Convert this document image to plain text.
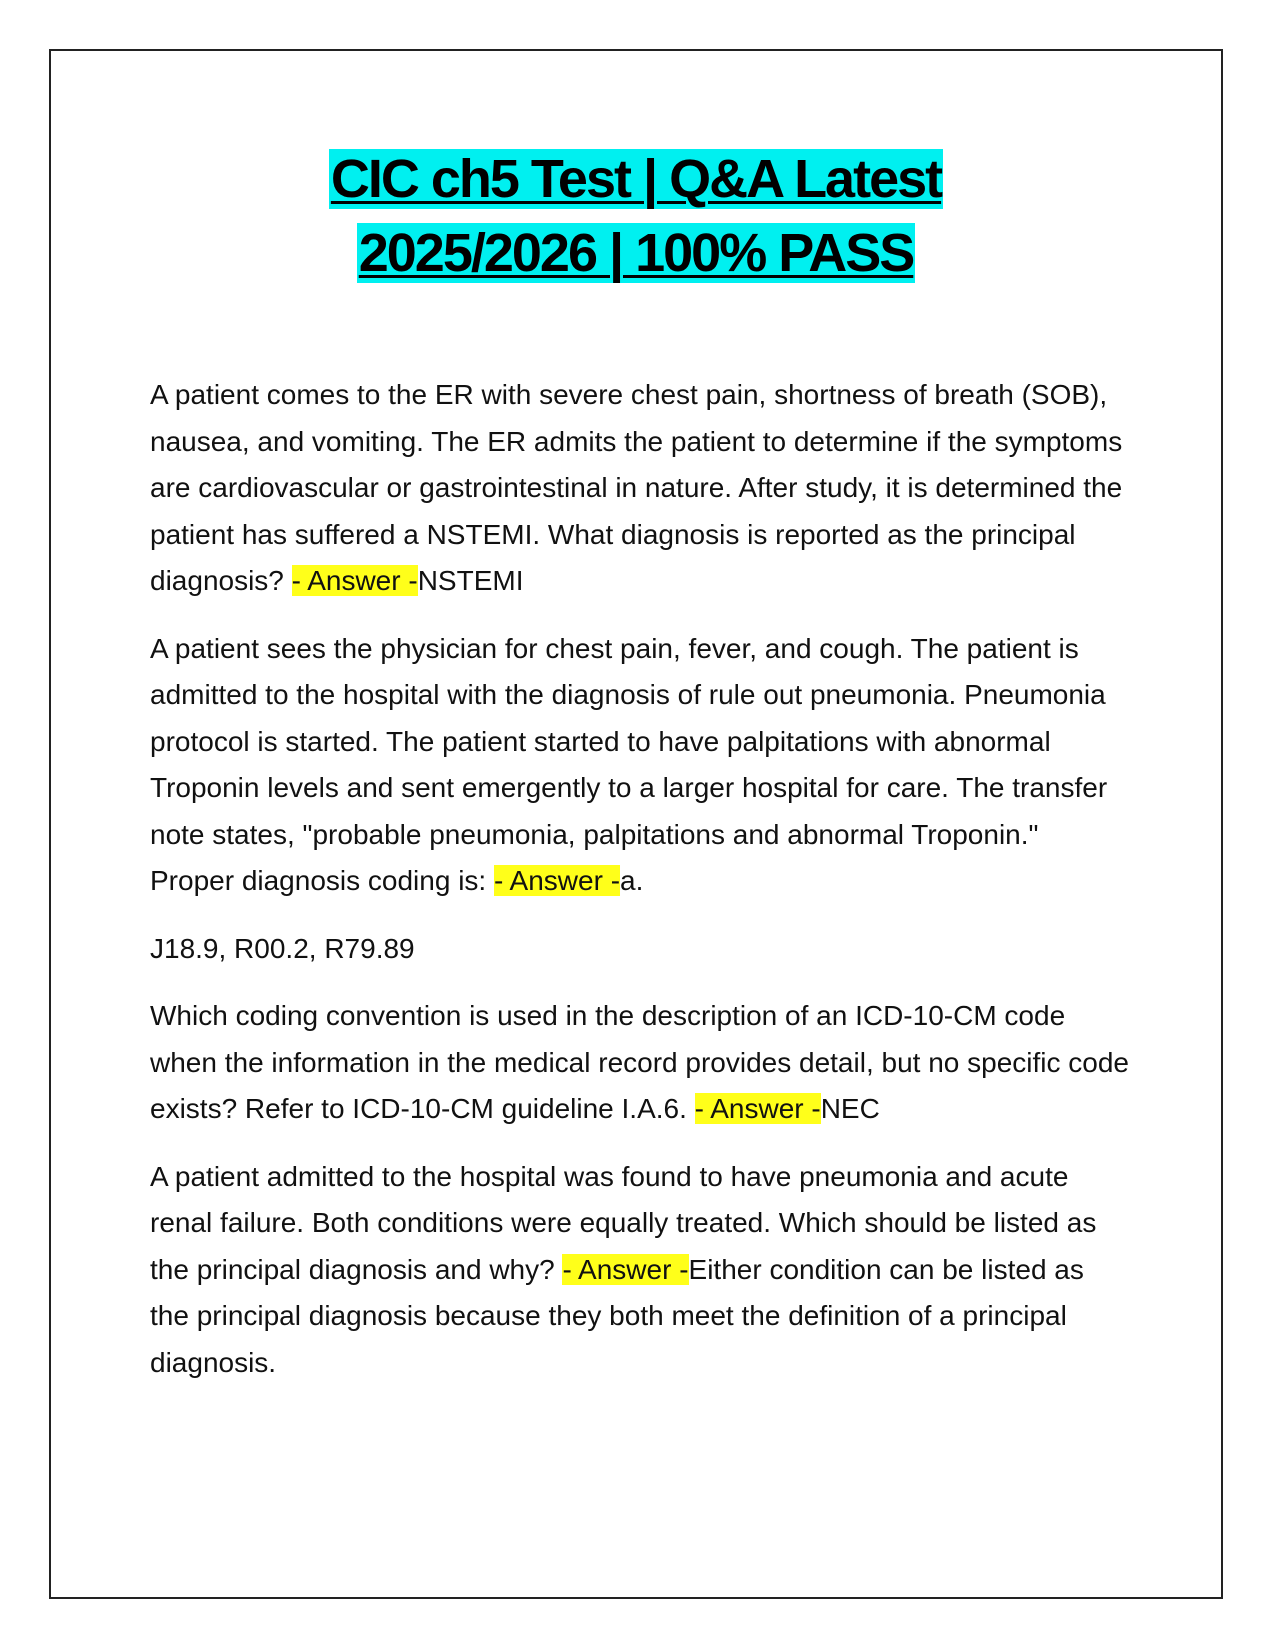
CIC ch5 Test | Q&A Latest
2025/2026 | 100% PASS

A patient comes to the ER with severe chest pain, shortness of breath (SOB), nausea, and vomiting. The ER admits the patient to determine if the symptoms are cardiovascular or gastrointestinal in nature. After study, it is determined the patient has suffered a NSTEMI. What diagnosis is reported as the principal diagnosis? - Answer -NSTEMI

A patient sees the physician for chest pain, fever, and cough. The patient is admitted to the hospital with the diagnosis of rule out pneumonia. Pneumonia protocol is started. The patient started to have palpitations with abnormal Troponin levels and sent emergently to a larger hospital for care. The transfer note states, "probable pneumonia, palpitations and abnormal Troponin." Proper diagnosis coding is: - Answer -a.

J18.9, R00.2, R79.89

Which coding convention is used in the description of an ICD-10-CM code when the information in the medical record provides detail, but no specific code exists? Refer to ICD-10-CM guideline I.A.6. - Answer -NEC

A patient admitted to the hospital was found to have pneumonia and acute renal failure. Both conditions were equally treated. Which should be listed as the principal diagnosis and why? - Answer -Either condition can be listed as the principal diagnosis because they both meet the definition of a principal diagnosis.
